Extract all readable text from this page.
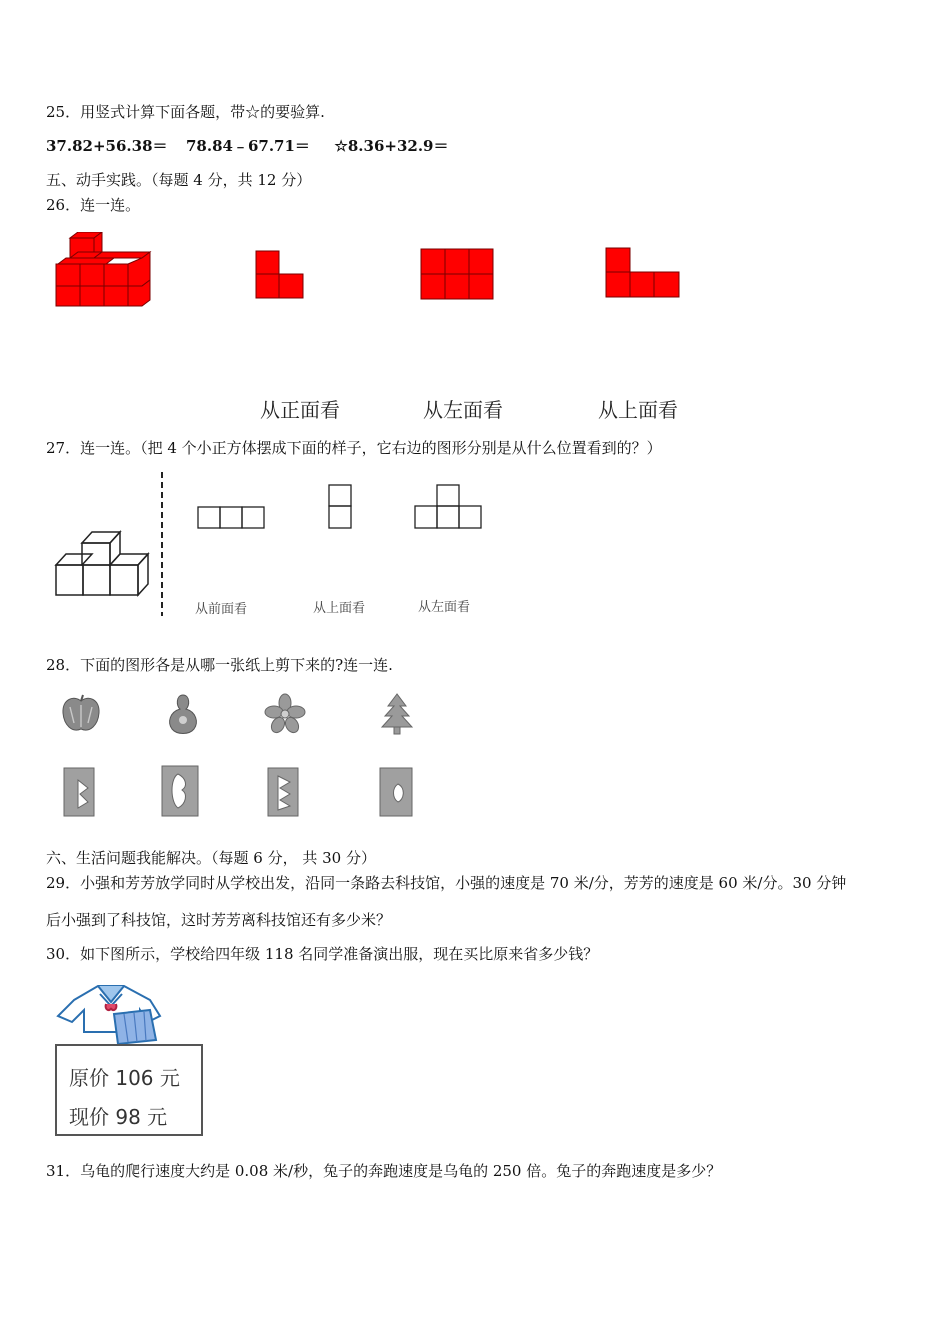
25．用竖式计算下面各题，带☆的要验算.
37.82+56.38＝ 78.84﹣67.71＝ ☆8.36+32.9＝
五、动手实践。（每题 4 分，共 12 分）
26．连一连。
从正面看	从左面看	从上面看
27．连一连。（把 4 个小正方体摆成下面的样子，它右边的图形分别是从什么位置看到的？）
从前面看	从上面看	从左面看
28．下面的图形各是从哪一张纸上剪下来的?连一连.
六、生活问题我能解决。（每题 6 分， 共 30 分）
29．小强和芳芳放学同时从学校出发，沿同一条路去科技馆，小强的速度是 70 米/分，芳芳的速度是 60 米/分。30 分钟
后小强到了科技馆，这时芳芳离科技馆还有多少米？
30．如下图所示，学校给四年级 118 名同学准备演出服，现在买比原来省多少钱？
原价 106 元
现价 98 元
31．乌龟的爬行速度大约是 0.08 米/秒，兔子的奔跑速度是乌龟的 250 倍。兔子的奔跑速度是多少？
